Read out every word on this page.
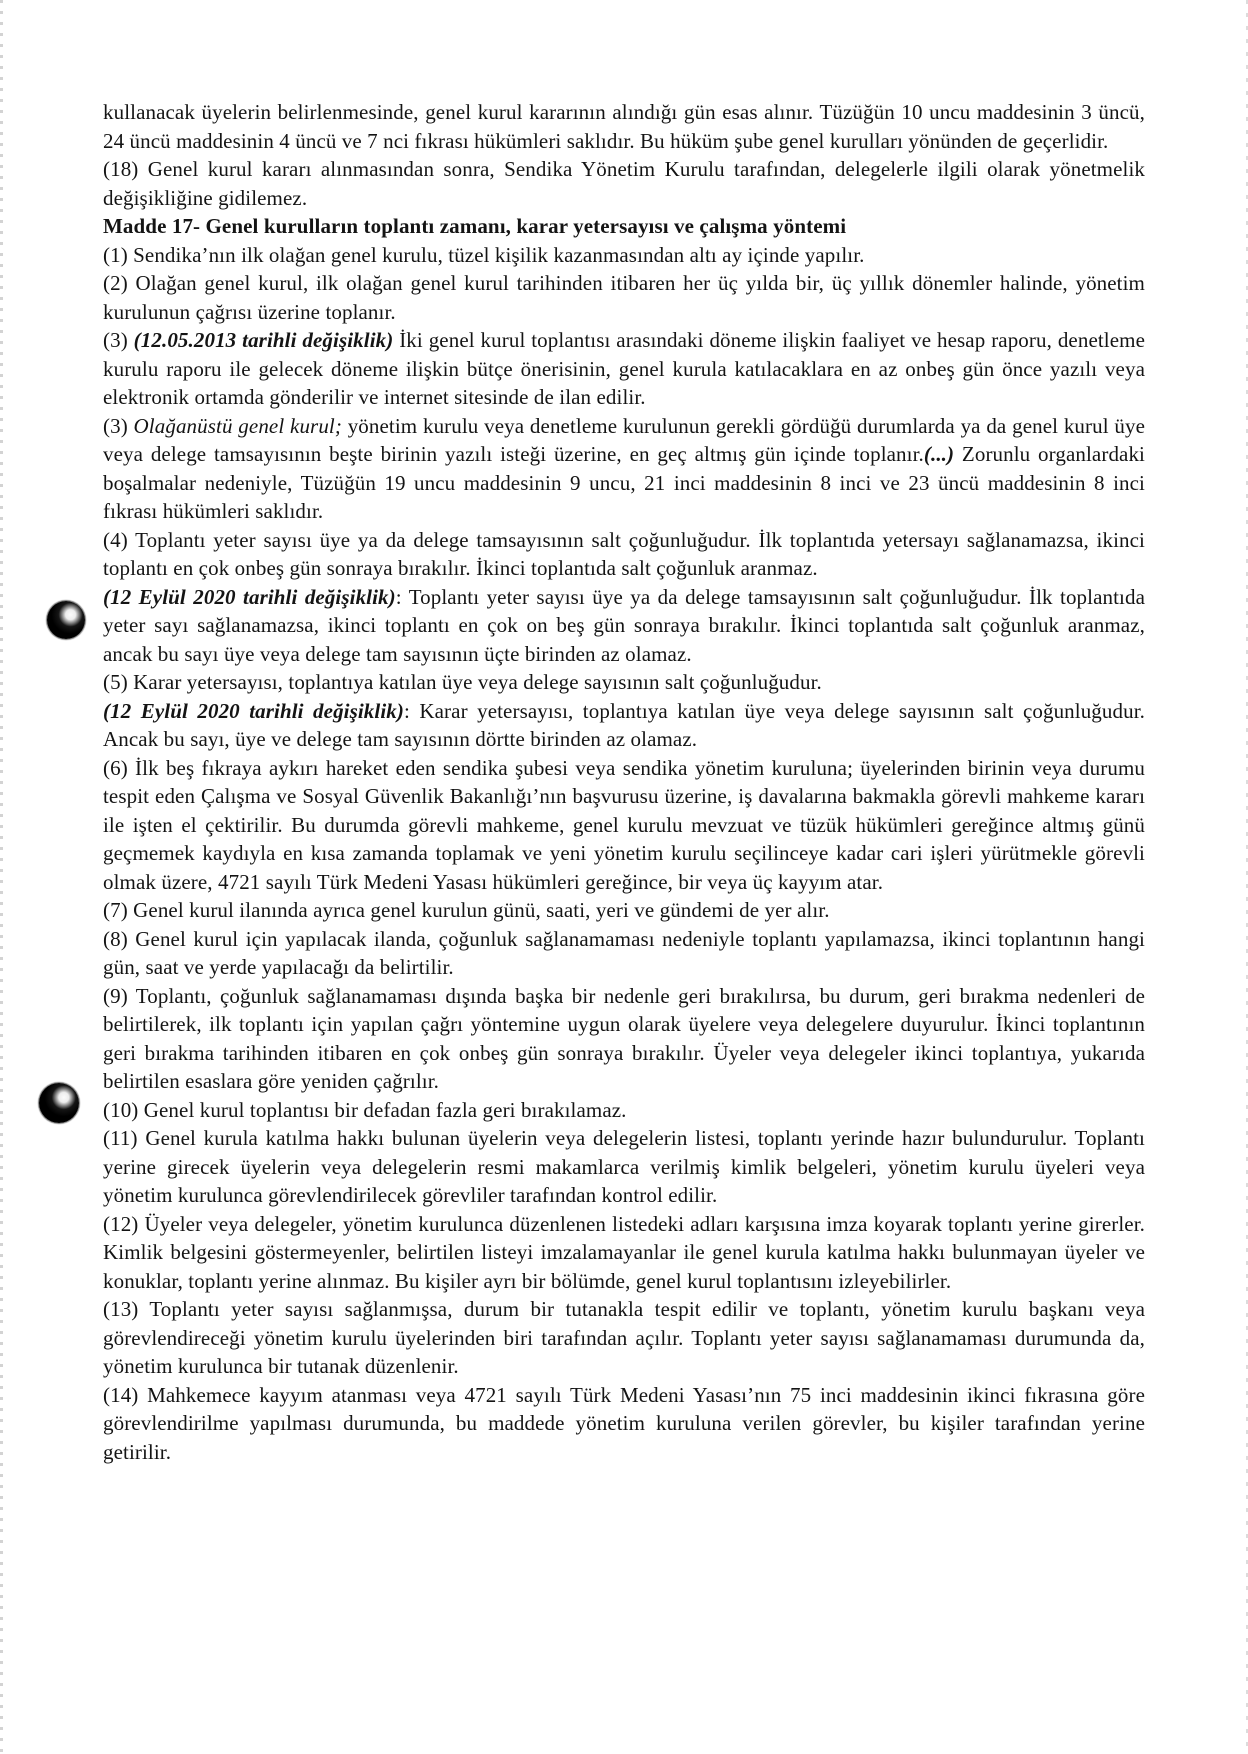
kullanacak üyelerin belirlenmesinde, genel kurul kararının alındığı gün esas alınır. Tüzüğün 10 uncu maddesinin 3 üncü, 24 üncü maddesinin 4 üncü ve 7 nci fıkrası hükümleri saklıdır. Bu hüküm şube genel kurulları yönünden de geçerlidir.

(18) Genel kurul kararı alınmasından sonra, Sendika Yönetim Kurulu tarafından, delegelerle ilgili olarak yönetmelik değişikliğine gidilemez.

Madde 17- Genel kurulların toplantı zamanı, karar yetersayısı ve çalışma yöntemi

(1) Sendika’nın ilk olağan genel kurulu, tüzel kişilik kazanmasından altı ay içinde yapılır.

(2) Olağan genel kurul, ilk olağan genel kurul tarihinden itibaren her üç yılda bir, üç yıllık dönemler halinde, yönetim kurulunun çağrısı üzerine toplanır.

(3) (12.05.2013 tarihli değişiklik) İki genel kurul toplantısı arasındaki döneme ilişkin faaliyet ve hesap raporu, denetleme kurulu raporu ile gelecek döneme ilişkin bütçe önerisinin, genel kurula katılacaklara en az onbeş gün önce yazılı veya elektronik ortamda gönderilir ve internet sitesinde de ilan edilir.

(3) Olağanüstü genel kurul; yönetim kurulu veya denetleme kurulunun gerekli gördüğü durumlarda ya da genel kurul üye veya delege tamsayısının beşte birinin yazılı isteği üzerine, en geç altmış gün içinde toplanır.(...) Zorunlu organlardaki boşalmalar nedeniyle, Tüzüğün 19 uncu maddesinin 9 uncu, 21 inci maddesinin 8 inci ve 23 üncü maddesinin 8 inci fıkrası hükümleri saklıdır.

(4) Toplantı yeter sayısı üye ya da delege tamsayısının salt çoğunluğudur. İlk toplantıda yetersayı sağlanamazsa, ikinci toplantı en çok onbeş gün sonraya bırakılır. İkinci toplantıda salt çoğunluk aranmaz.

(12 Eylül 2020 tarihli değişiklik): Toplantı yeter sayısı üye ya da delege tamsayısının salt çoğunluğudur. İlk toplantıda yeter sayı sağlanamazsa, ikinci toplantı en çok on beş gün sonraya bırakılır. İkinci toplantıda salt çoğunluk aranmaz, ancak bu sayı üye veya delege tam sayısının üçte birinden az olamaz.

(5) Karar yetersayısı, toplantıya katılan üye veya delege sayısının salt çoğunluğudur.

(12 Eylül 2020 tarihli değişiklik): Karar yetersayısı, toplantıya katılan üye veya delege sayısının salt çoğunluğudur. Ancak bu sayı, üye ve delege tam sayısının dörtte birinden az olamaz.

(6) İlk beş fıkraya aykırı hareket eden sendika şubesi veya sendika yönetim kuruluna; üyelerinden birinin veya durumu tespit eden Çalışma ve Sosyal Güvenlik Bakanlığı’nın başvurusu üzerine, iş davalarına bakmakla görevli mahkeme kararı ile işten el çektirilir. Bu durumda görevli mahkeme, genel kurulu mevzuat ve tüzük hükümleri gereğince altmış günü geçmemek kaydıyla en kısa zamanda toplamak ve yeni yönetim kurulu seçilinceye kadar cari işleri yürütmekle görevli olmak üzere, 4721 sayılı Türk Medeni Yasası hükümleri gereğince, bir veya üç kayyım atar.

(7) Genel kurul ilanında ayrıca genel kurulun günü, saati, yeri ve gündemi de yer alır.

(8) Genel kurul için yapılacak ilanda, çoğunluk sağlanamaması nedeniyle toplantı yapılamazsa, ikinci toplantının hangi gün, saat ve yerde yapılacağı da belirtilir.

(9) Toplantı, çoğunluk sağlanamaması dışında başka bir nedenle geri bırakılırsa, bu durum, geri bırakma nedenleri de belirtilerek, ilk toplantı için yapılan çağrı yöntemine uygun olarak üyelere veya delegelere duyurulur. İkinci toplantının geri bırakma tarihinden itibaren en çok onbeş gün sonraya bırakılır. Üyeler veya delegeler ikinci toplantıya, yukarıda belirtilen esaslara göre yeniden çağrılır.

(10) Genel kurul toplantısı bir defadan fazla geri bırakılamaz.

(11) Genel kurula katılma hakkı bulunan üyelerin veya delegelerin listesi, toplantı yerinde hazır bulundurulur. Toplantı yerine girecek üyelerin veya delegelerin resmi makamlarca verilmiş kimlik belgeleri, yönetim kurulu üyeleri veya yönetim kurulunca görevlendirilecek görevliler tarafından kontrol edilir.

(12) Üyeler veya delegeler, yönetim kurulunca düzenlenen listedeki adları karşısına imza koyarak toplantı yerine girerler. Kimlik belgesini göstermeyenler, belirtilen listeyi imzalamayanlar ile genel kurula katılma hakkı bulunmayan üyeler ve konuklar, toplantı yerine alınmaz. Bu kişiler ayrı bir bölümde, genel kurul toplantısını izleyebilirler.

(13) Toplantı yeter sayısı sağlanmışsa, durum bir tutanakla tespit edilir ve toplantı, yönetim kurulu başkanı veya görevlendireceği yönetim kurulu üyelerinden biri tarafından açılır. Toplantı yeter sayısı sağlanamaması durumunda da, yönetim kurulunca bir tutanak düzenlenir.

(14) Mahkemece kayyım atanması veya 4721 sayılı Türk Medeni Yasası’nın 75 inci maddesinin ikinci fıkrasına göre görevlendirilme yapılması durumunda, bu maddede yönetim kuruluna verilen görevler, bu kişiler tarafından yerine getirilir.
